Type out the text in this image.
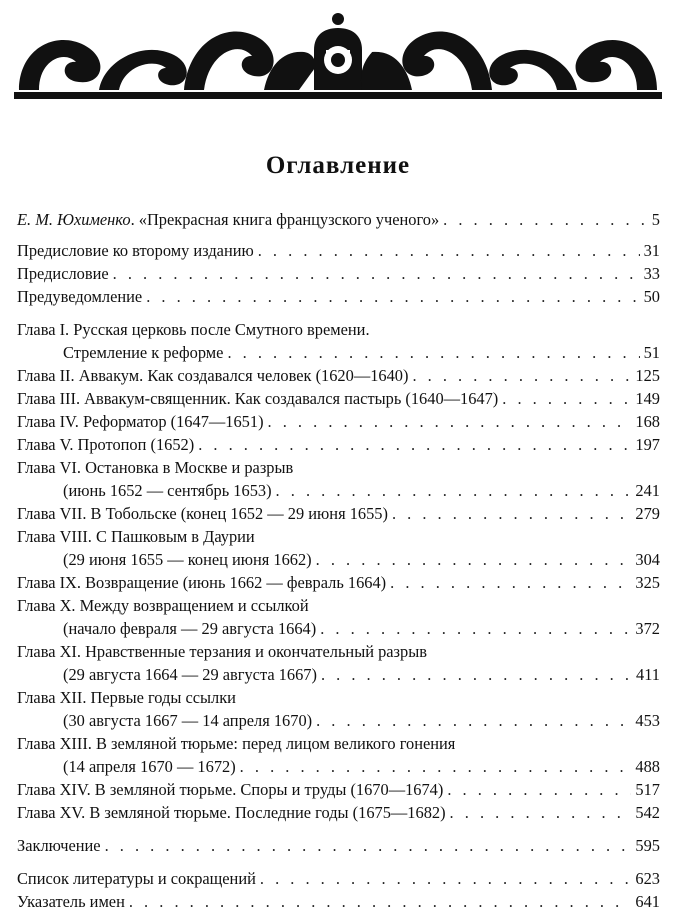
Оглавление
Е. М. Юхименко. «Прекрасная книга французского ученого» . . .	5
Предисловие ко второму изданию . . .	31
Предисловие . . .	33
Предуведомление . . .	50
Глава I. Русская церковь после Смутного времени.
Стремление к реформе . . .	51
Глава II. Аввакум. Как создавался человек (1620—1640) . . .	125
Глава III. Аввакум-священник. Как создавался пастырь (1640—1647) . . .	149
Глава IV. Реформатор (1647—1651) . . .	168
Глава V. Протопоп (1652) . . .	197
Глава VI. Остановка в Москве и разрыв
(июнь 1652 — сентябрь 1653) . . .	241
Глава VII. В Тобольске (конец 1652 — 29 июня 1655) . . .	279
Глава VIII. С Пашковым в Даурии
(29 июня 1655 — конец июня 1662) . . .	304
Глава IX. Возвращение (июнь 1662 — февраль 1664) . . .	325
Глава X. Между возвращением и ссылкой
(начало февраля — 29 августа 1664) . . .	372
Глава XI. Нравственные терзания и окончательный разрыв
(29 августа 1664 — 29 августа 1667) . . .	411
Глава XII. Первые годы ссылки
(30 августа 1667 — 14 апреля 1670) . . .	453
Глава XIII. В земляной тюрьме: перед лицом великого гонения
(14 апреля 1670 — 1672) . . .	488
Глава XIV. В земляной тюрьме. Споры и труды (1670—1674) . . .	517
Глава XV. В земляной тюрьме. Последние годы (1675—1682) . . .	542
Заключение . . .	595
Список литературы и сокращений . . .	623
Указатель имен . . .	641
